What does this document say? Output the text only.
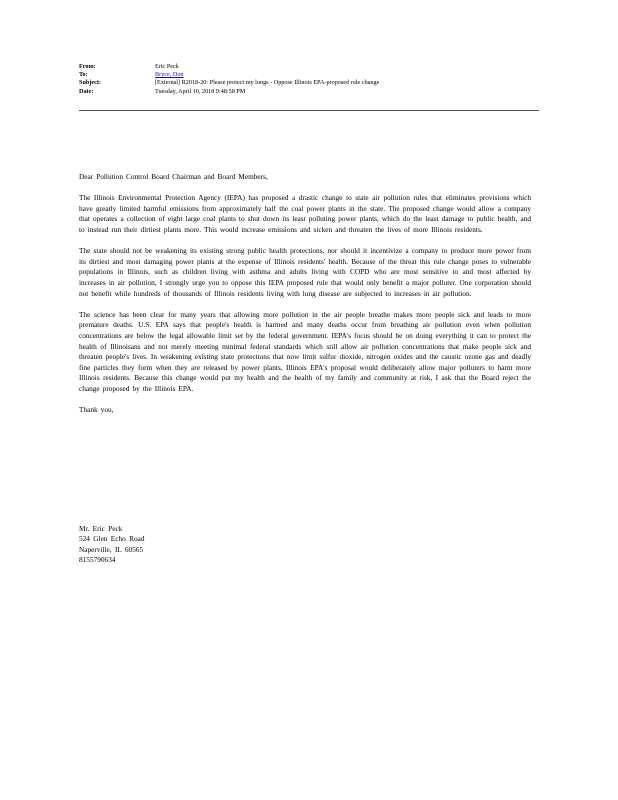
From:	Eric Peck
To:	Bryce, Don
Subject:	[External] R2018-20: Please protect my lungs - Oppose Illinois EPA-proposed rule change
Date:	Tuesday, April 10, 2018 9:48:58 PM

Dear Pollution Control Board Chairman and Board Members,

The Illinois Environmental Protection Agency (IEPA) has proposed a drastic change to state air pollution rules that eliminates provisions which have greatly limited harmful emissions from approximately half the coal power plants in the state. The proposed change would allow a company that operates a collection of eight large coal plants to shut down its least polluting power plants, which do the least damage to public health, and to instead run their dirtiest plants more. This would increase emissions and sicken and threaten the lives of more Illinois residents.

The state should not be weakening its existing strong public health protections, nor should it incentivize a company to produce more power from its dirtiest and most damaging power plants at the expense of Illinois residents' health. Because of the threat this rule change poses to vulnerable populations in Illinois, such as children living with asthma and adults living with COPD who are most sensitive to and most affected by increases in air pollution, I strongly urge you to oppose this IEPA proposed rule that would only benefit a major polluter. One corporation should not benefit while hundreds of thousands of Illinois residents living with lung disease are subjected to increases in air pollution.

The science has been clear for many years that allowing more pollution in the air people breathe makes more people sick and leads to more premature deaths. U.S. EPA says that people's health is harmed and many deaths occur from breathing air pollution even when pollution concentrations are below the legal allowable limit set by the federal government. IEPA's focus should be on doing everything it can to protect the health of Illinoisans and not merely meeting minimal federal standards which still allow air pollution concentrations that make people sick and threaten people's lives. In weakening existing state protections that now limit sulfur dioxide, nitrogen oxides and the caustic ozone gas and deadly fine particles they form when they are released by power plants, Illinois EPA's proposal would deliberately allow major polluters to harm more Illinois residents. Because this change would put my health and the health of my family and community at risk, I ask that the Board reject the change proposed by the Illinois EPA.

Thank you,

Mr. Eric Peck
524 Glen Echo Road
Naperville, IL 60565
8155790634
